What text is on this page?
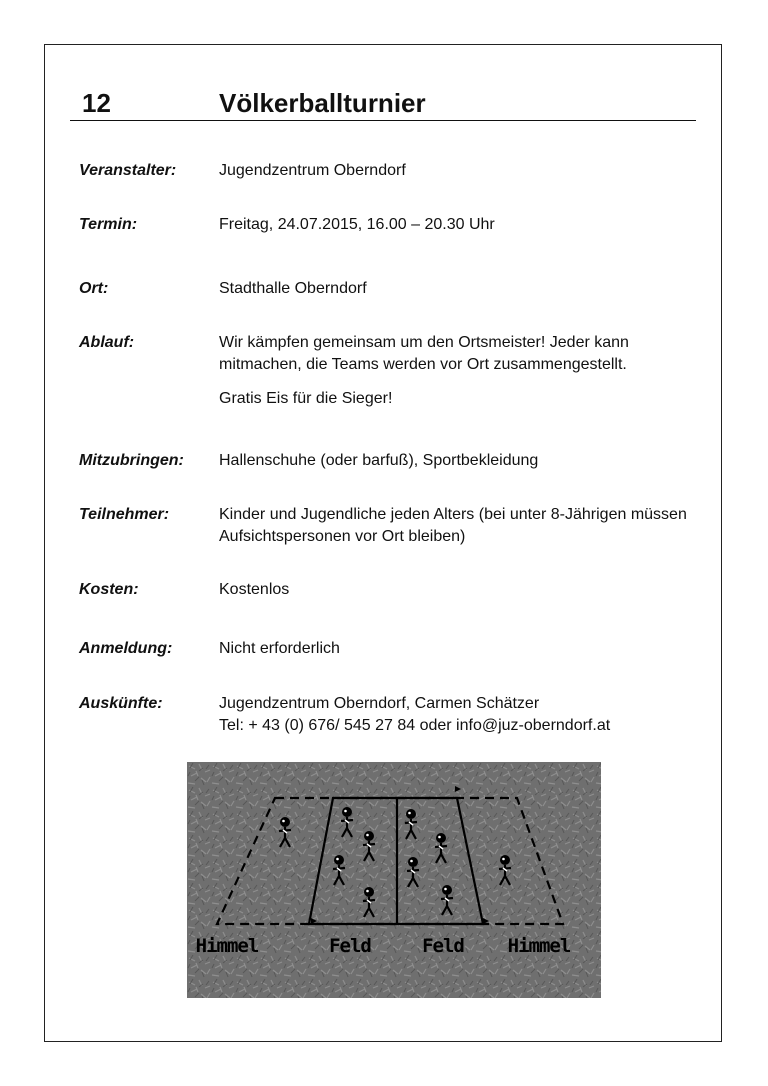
12	Völkerballturnier
Veranstalter:	Jugendzentrum Oberndorf

Termin:	Freitag, 24.07.2015, 16.00 – 20.30 Uhr

Ort:	Stadthalle Oberndorf

Ablauf:	Wir kämpfen gemeinsam um den Ortsmeister! Jeder kann mitmachen, die Teams werden vor Ort zusammengestellt.

Gratis Eis für die Sieger!

Mitzubringen: Hallenschuhe (oder barfuß), Sportbekleidung

Teilnehmer:	Kinder und Jugendliche jeden Alters (bei unter 8-Jährigen müssen Aufsichtspersonen vor Ort bleiben)

Kosten:	Kostenlos

Anmeldung:	Nicht erforderlich

Auskünfte:	Jugendzentrum Oberndorf, Carmen Schätzer

Tel: + 43 (0) 676/ 545 27 84 oder info@juz-oberndorf.at

Himmel	Feld	Feld Himmel
